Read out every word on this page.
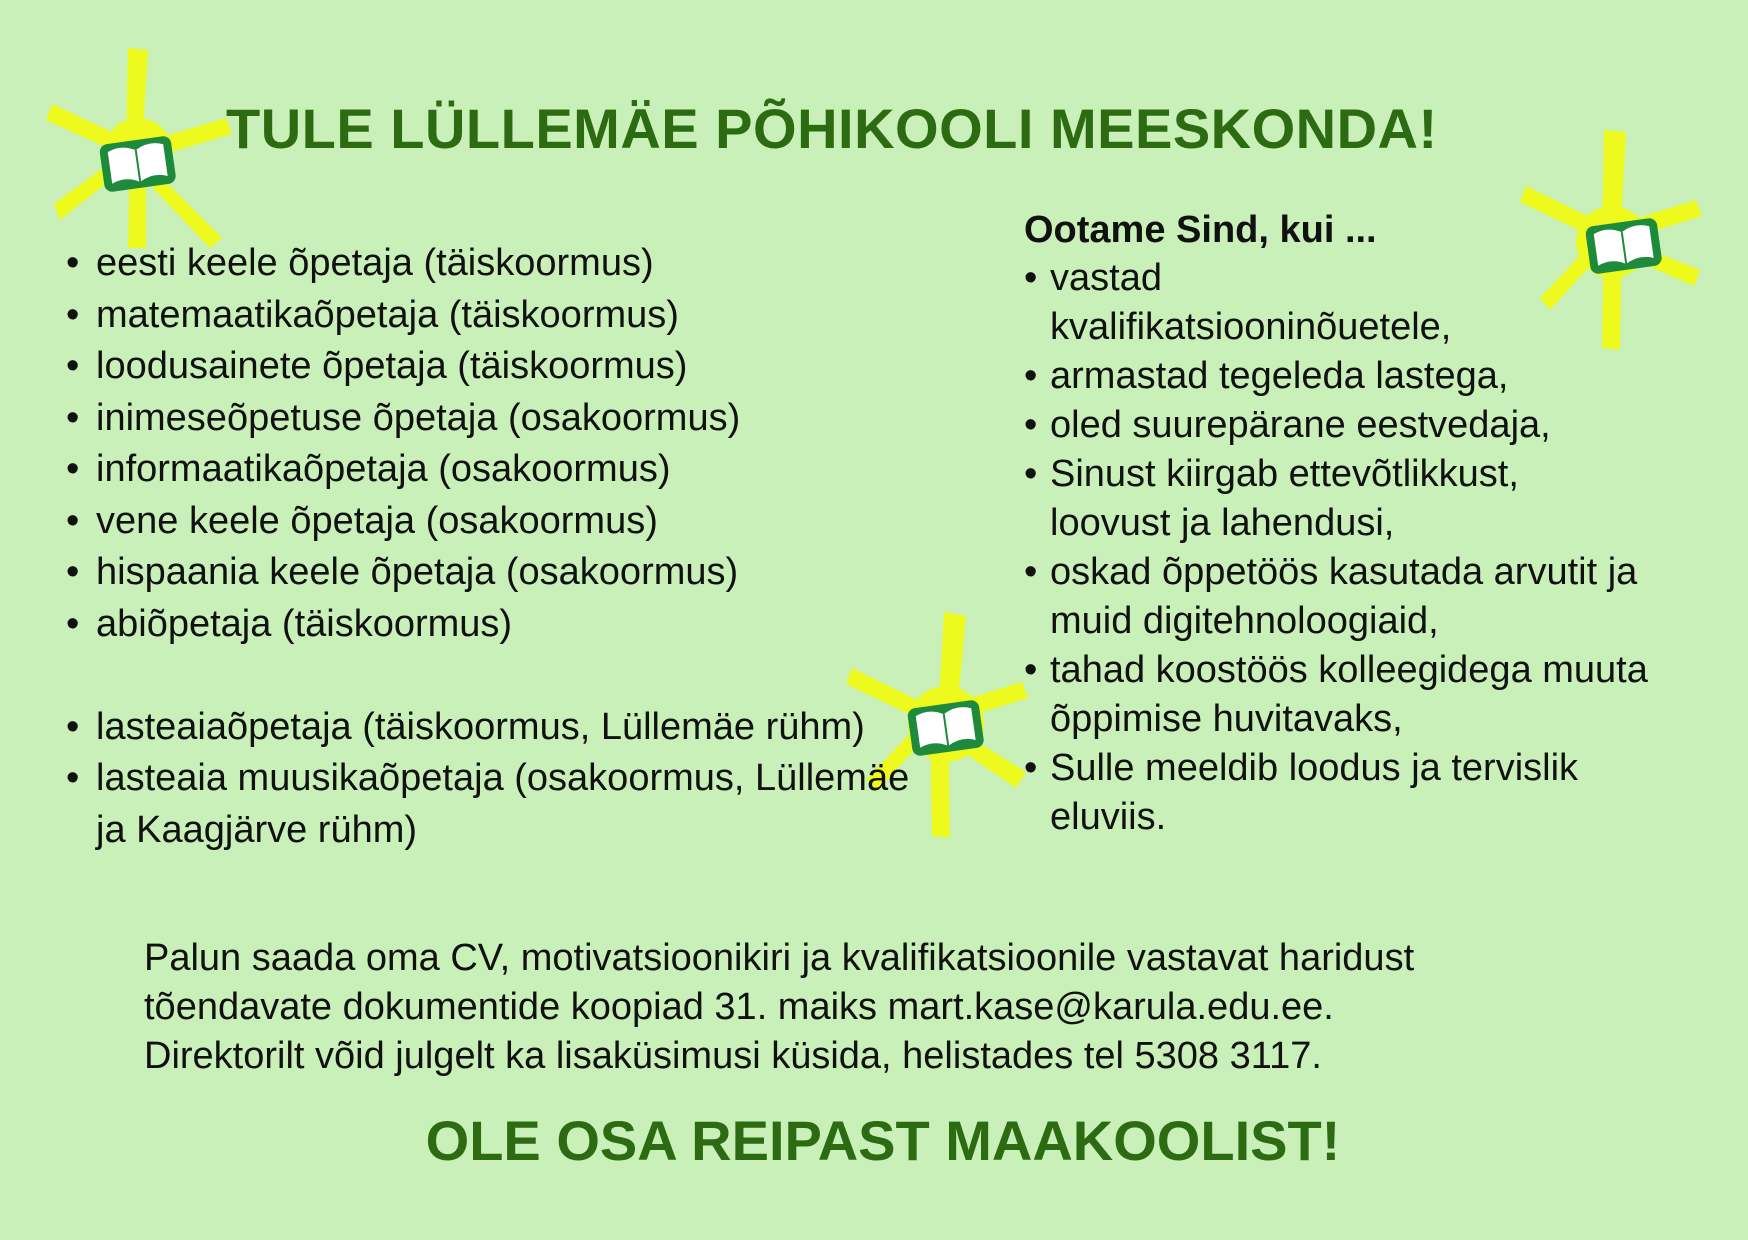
TULE LÜLLEMÄE PÕHIKOOLI MEESKONDA!
• eesti keele õpetaja (täiskoormus)
• matemaatikaõpetaja (täiskoormus)
• loodusainete õpetaja (täiskoormus)
• inimeseõpetuse õpetaja (osakoormus)
• informaatikaõpetaja (osakoormus)
• vene keele õpetaja (osakoormus)
• hispaania keele õpetaja (osakoormus)
• abiõpetaja (täiskoormus)
• lasteaiaõpetaja (täiskoormus, Lüllemäe rühm)
• lasteaia muusikaõpetaja (osakoormus, Lüllemäe ja Kaagjärve rühm)
Ootame Sind, kui ...
• vastad kvalifikatsiooninõuetele,
• armastad tegeleda lastega,
• oled suurepärane eestvedaja,
• Sinust kiirgab ettevõtlikkust, loovust ja lahendusi,
• oskad õppetöös kasutada arvutit ja muid digitehnoloogiaid,
• tahad koostöös kolleegidega muuta õppimise huvitavaks,
• Sulle meeldib loodus ja tervislik eluviis.
Palun saada oma CV, motivatsioonikiri ja kvalifikatsioonile vastavat haridust
tõendavate dokumentide koopiad 31. maiks mart.kase@karula.edu.ee.
Direktorilt võid julgelt ka lisaküsimusi küsida, helistades tel 5308 3117.
OLE OSA REIPAST MAAKOOLIST!
